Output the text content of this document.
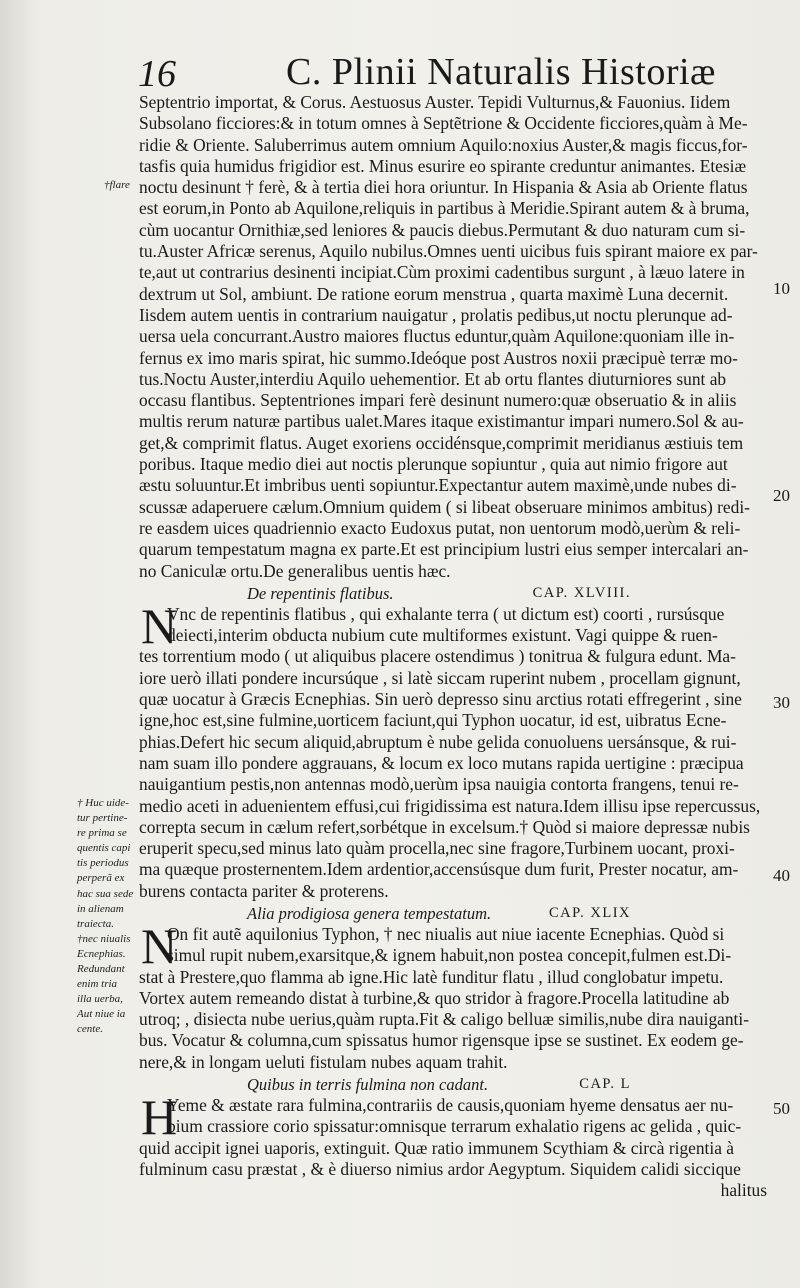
16	C. Plinii Naturalis Historiæ
Septentrio importat, & Corus. Aestuosus Auster. Tepidi Vulturnus,& Fauonius. Iidem
Subsolano ficciores:& in totum omnes à Septẽtrione & Occidente ficciores,quàm à Me-
ridie & Oriente. Saluberrimus autem omnium Aquilo:noxius Auster,& magis ficcus,for-
tasfis quia humidus frigidior est. Minus esurire eo spirante creduntur animantes. Etesiæ
noctu desinunt † ferè, & à tertia diei hora oriuntur. In Hispania & Asia ab Oriente flatus
est eorum,in Ponto ab Aquilone,reliquis in partibus à Meridie.Spirant autem & à bruma,
cùm uocantur Ornithiæ,sed leniores & paucis diebus.Permutant & duo naturam cum si-
tu.Auster Africæ serenus, Aquilo nubilus.Omnes uenti uicibus fuis spirant maiore ex par-
te,aut ut contrarius desinenti incipiat.Cùm proximi cadentibus surgunt , à læuo latere in
dextrum ut Sol, ambiunt. De ratione eorum menstrua , quarta maximè Luna decernit.
Iisdem autem uentis in contrarium nauigatur , prolatis pedibus,ut noctu plerunque ad-
uersa uela concurrant.Austro maiores fluctus eduntur,quàm Aquilone:quoniam ille in-
fernus ex imo maris spirat, hic summo.Ideóque post Austros noxii præcipuè terræ mo-
tus.Noctu Auster,interdiu Aquilo uehementior. Et ab ortu flantes diuturniores sunt ab
occasu flantibus. Septentriones impari ferè desinunt numero:quæ obseruatio & in aliis
multis rerum naturæ partibus ualet.Mares itaque existimantur impari numero.Sol & au-
get,& comprimit flatus. Auget exoriens occidénsque,comprimit meridianus æstiuis tem
poribus. Itaque medio diei aut noctis plerunque sopiuntur , quia aut nimio frigore aut
æstu soluuntur.Et imbribus uenti sopiuntur.Expectantur autem maximè,unde nubes di-
scussæ adaperuere cælum.Omnium quidem ( si libeat obseruare minimos ambitus) redi-
re easdem uices quadriennio exacto Eudoxus putat, non uentorum modò,uerùm & reli-
quarum tempestatum magna ex parte.Et est principium lustri eius semper intercalari an-
no Caniculæ ortu.De generalibus uentis hæc.
De repentinis flatibus.	CAP. XLVIII.
N
Vnc de repentinis flatibus , qui exhalante terra ( ut dictum est) coorti , rursúsque
deiecti,interim obducta nubium cute multiformes existunt. Vagi quippe & ruen-
tes torrentium modo ( ut aliquibus placere ostendimus ) tonitrua & fulgura edunt. Ma-
iore uerò illati pondere incursúque , si latè siccam ruperint nubem , procellam gignunt,
quæ uocatur à Græcis Ecnephias. Sin uerò depresso sinu arctius rotati effregerint , sine
igne,hoc est,sine fulmine,uorticem faciunt,qui Typhon uocatur, id est, uibratus Ecne-
phias.Defert hic secum aliquid,abruptum è nube gelida conuoluens uersánsque, & rui-
nam suam illo pondere aggrauans, & locum ex loco mutans rapida uertigine : præcipua
nauigantium pestis,non antennas modò,uerùm ipsa nauigia contorta frangens, tenui re-
medio aceti in aduenientem effusi,cui frigidissima est natura.Idem illisu ipse repercussus,
correpta secum in cælum refert,sorbétque in excelsum.† Quòd si maiore depressæ nubis
eruperit specu,sed minus lato quàm procella,nec sine fragore,Turbinem uocant, proxi-
ma quæque prosternentem.Idem ardentior,accensúsque dum furit, Prester nocatur, am-
burens contacta pariter & proterens.
Alia prodigiosa genera tempestatum.	CAP. XLIX
N
On fit autẽ aquilonius Typhon, † nec niualis aut niue iacente Ecnephias. Quòd si
simul rupit nubem,exarsitque,& ignem habuit,non postea concepit,fulmen est.Di-
stat à Prestere,quo flamma ab igne.Hic latè funditur flatu , illud conglobatur impetu.
Vortex autem remeando distat à turbine,& quo stridor à fragore.Procella latitudine ab
utroq; , disiecta nube uerius,quàm rupta.Fit & caligo belluæ similis,nube dira nauiganti-
bus. Vocatur & columna,cum spissatus humor rigensque ipse se sustinet. Ex eodem ge-
nere,& in longam ueluti fistulam nubes aquam trahit.
Quibus in terris fulmina non cadant.	CAP. L
H
Yeme & æstate rara fulmina,contrariis de causis,quoniam hyeme densatus aer nu-
bium crassiore corio spissatur:omnisque terrarum exhalatio rigens ac gelida , quic-
quid accipit ignei uaporis, extinguit. Quæ ratio immunem Scythiam & circà rigentia à
fulminum casu præstat , & è diuerso nimius ardor Aegyptum. Siquidem calidi siccique
halitus
10
20
30
40
50
†flare
† Huc uide-
tur pertine-
re prima se
quentis capi
tis periodus
perperã ex
hac sua sede
in alienam
traiecta.
†nec niualis
Ecnephias.
Redundant
enim tria
illa uerba,
Aut niue ia
cente.
